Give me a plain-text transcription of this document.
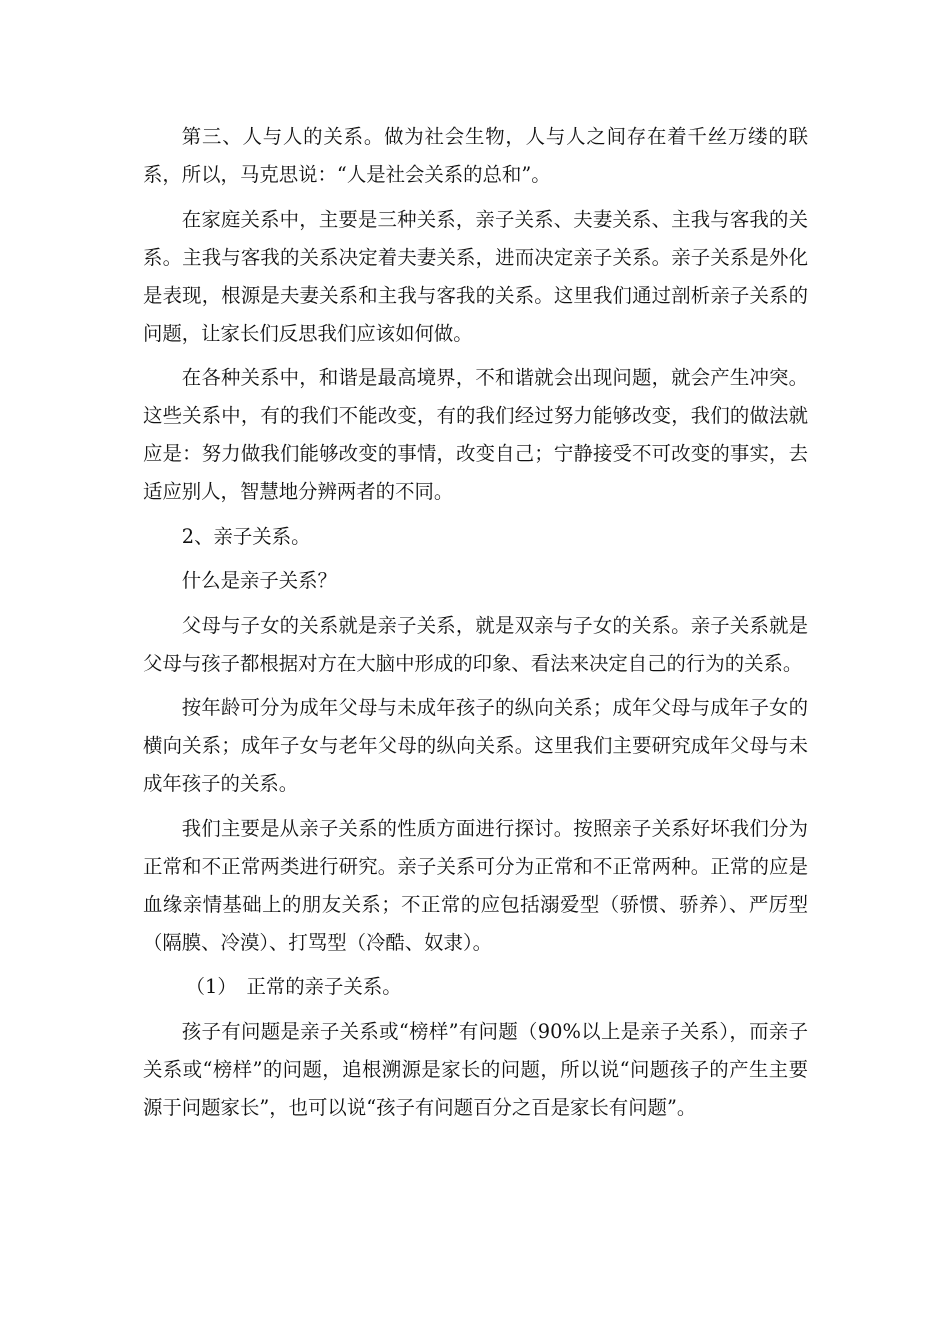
第三、人与人的关系。做为社会生物，人与人之间存在着千丝万缕的联系，所以，马克思说：“人是社会关系的总和”。

在家庭关系中，主要是三种关系，亲子关系、夫妻关系、主我与客我的关系。主我与客我的关系决定着夫妻关系，进而决定亲子关系。亲子关系是外化是表现，根源是夫妻关系和主我与客我的关系。这里我们通过剖析亲子关系的问题，让家长们反思我们应该如何做。

在各种关系中，和谐是最高境界，不和谐就会出现问题，就会产生冲突。这些关系中，有的我们不能改变，有的我们经过努力能够改变，我们的做法就应是：努力做我们能够改变的事情，改变自己；宁静接受不可改变的事实，去适应别人，智慧地分辨两者的不同。

2、亲子关系。

什么是亲子关系？

父母与子女的关系就是亲子关系，就是双亲与子女的关系。亲子关系就是父母与孩子都根据对方在大脑中形成的印象、看法来决定自己的行为的关系。

按年龄可分为成年父母与未成年孩子的纵向关系；成年父母与成年子女的横向关系；成年子女与老年父母的纵向关系。这里我们主要研究成年父母与未成年孩子的关系。

我们主要是从亲子关系的性质方面进行探讨。按照亲子关系好坏我们分为正常和不正常两类进行研究。亲子关系可分为正常和不正常两种。正常的应是血缘亲情基础上的朋友关系；不正常的应包括溺爱型（骄惯、骄养）、严厉型（隔膜、冷漠）、打骂型（冷酷、奴隶）。

（1）　正常的亲子关系。

孩子有问题是亲子关系或“榜样”有问题（90%以上是亲子关系），而亲子关系或“榜样”的问题，追根溯源是家长的问题，所以说“问题孩子的产生主要源于问题家长”，也可以说“孩子有问题百分之百是家长有问题”。
